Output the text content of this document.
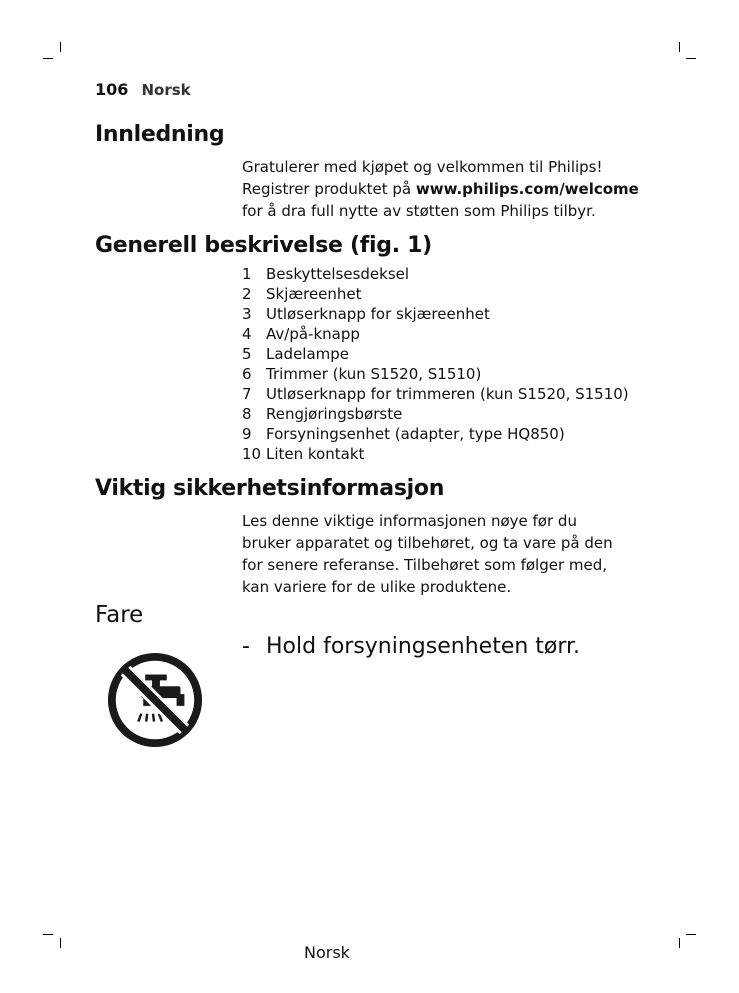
106 Norsk
Innledning
Gratulerer med kjøpet og velkommen til Philips!
Registrer produktet på www.philips.com/welcome
for å dra full nytte av støtten som Philips tilbyr.
Generell beskrivelse (fig. 1)
1 Beskyttelsesdeksel
2 Skjæreenhet
3 Utløserknapp for skjæreenhet
4 Av/på-knapp
5 Ladelampe
6 Trimmer (kun S1520, S1510)
7 Utløserknapp for trimmeren (kun S1520, S1510)
8 Rengjøringsbørste
9 Forsyningsenhet (adapter, type HQ850)
10 Liten kontakt
Viktig sikkerhetsinformasjon
Les denne viktige informasjonen nøye før du
bruker apparatet og tilbehøret, og ta vare på den
for senere referanse. Tilbehøret som følger med,
kan variere for de ulike produktene.
Fare
- Hold forsyningsenheten tørr.
Norsk
